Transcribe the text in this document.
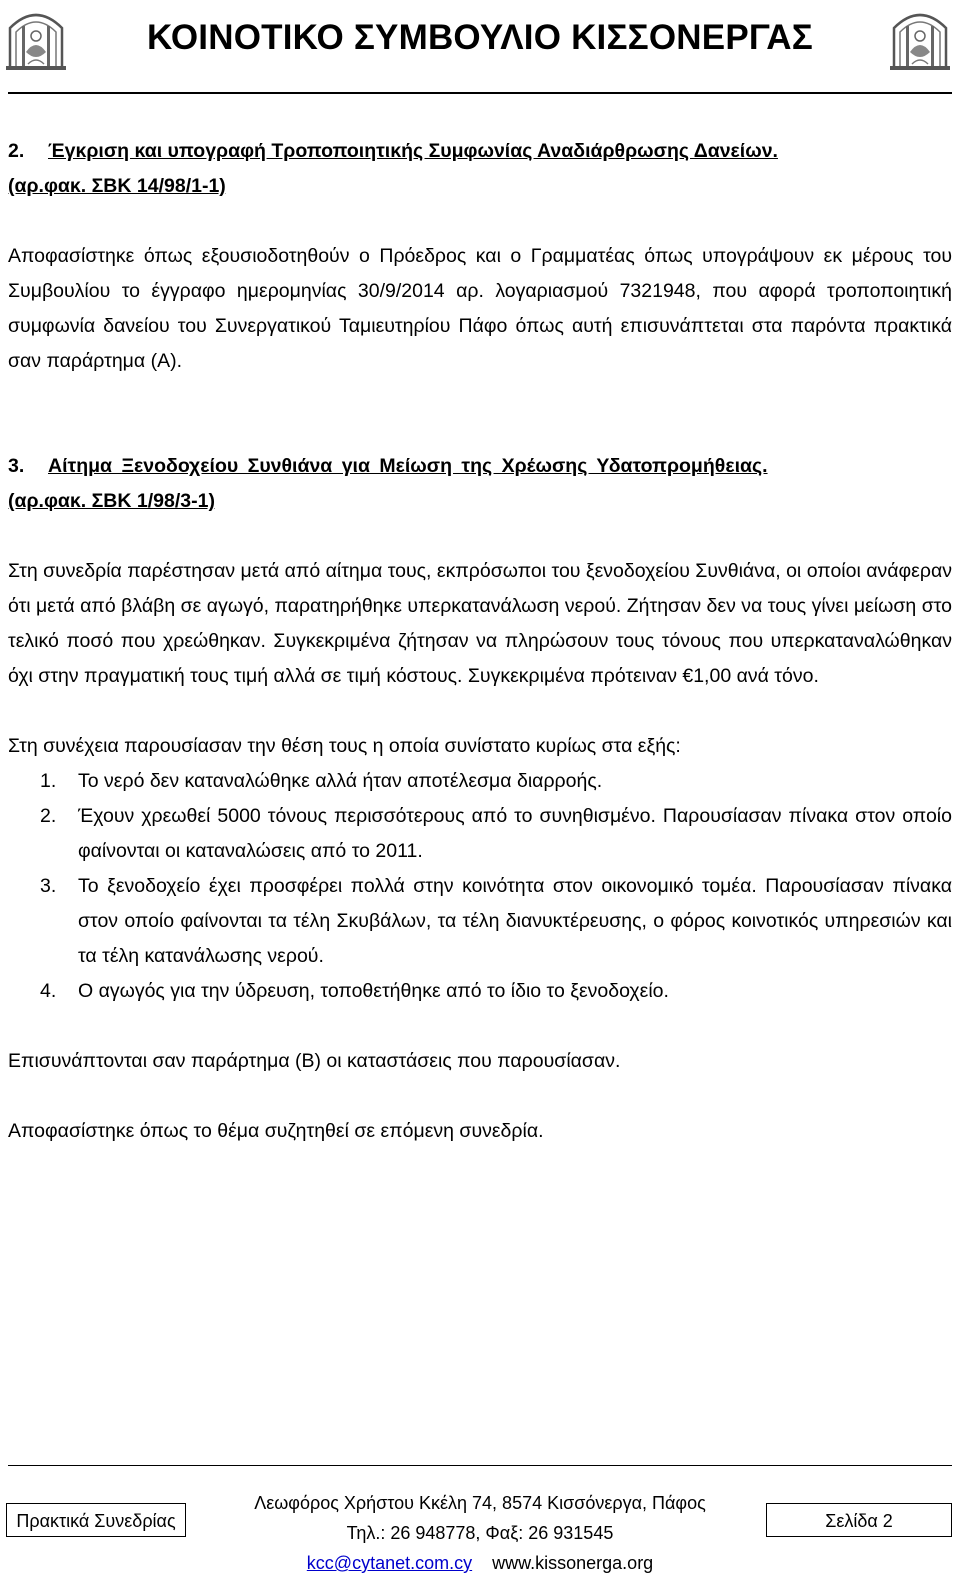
ΚΟΙΝΟΤΙΚΟ ΣΥΜΒΟΥΛΙΟ ΚΙΣΣΟΝΕΡΓΑΣ
2. Έγκριση και υπογραφή Τροποποιητικής Συμφωνίας Αναδιάρθρωσης Δανείων.
(αρ.φακ. ΣΒΚ 14/98/1-1)

Αποφασίστηκε όπως εξουσιοδοτηθούν ο Πρόεδρος και ο Γραμματέας όπως υπογράψουν εκ μέρους του Συμβουλίου το έγγραφο ημερομηνίας 30/9/2014 αρ. λογαριασμού 7321948, που αφορά τροποποιητική συμφωνία δανείου του Συνεργατικού Ταμιευτηρίου Πάφο όπως αυτή επισυνάπτεται στα παρόντα πρακτικά σαν παράρτημα (Α).

3. Αίτημα Ξενοδοχείου Συνθιάνα για Μείωση της Χρέωσης Υδατοπρομήθειας.
(αρ.φακ. ΣΒΚ 1/98/3-1)

Στη συνεδρία παρέστησαν μετά από αίτημα τους, εκπρόσωποι του ξενοδοχείου Συνθιάνα, οι οποίοι ανάφεραν ότι μετά από βλάβη σε αγωγό, παρατηρήθηκε υπερκατανάλωση νερού. Ζήτησαν δεν να τους γίνει μείωση στο τελικό ποσό που χρεώθηκαν. Συγκεκριμένα ζήτησαν να πληρώσουν τους τόνους που υπερκαταναλώθηκαν όχι στην πραγματική τους τιμή αλλά σε τιμή κόστους. Συγκεκριμένα πρότειναν €1,00 ανά τόνο.

Στη συνέχεια παρουσίασαν την θέση τους η οποία συνίστατο κυρίως στα εξής:

1. Το νερό δεν καταναλώθηκε αλλά ήταν αποτέλεσμα διαρροής.
2. Έχουν χρεωθεί 5000 τόνους περισσότερους από το συνηθισμένο. Παρουσίασαν πίνακα στον οποίο φαίνονται οι καταναλώσεις από το 2011.
3. Το ξενοδοχείο έχει προσφέρει πολλά στην κοινότητα στον οικονομικό τομέα. Παρουσίασαν πίνακα στον οποίο φαίνονται τα τέλη Σκυβάλων, τα τέλη διανυκτέρευσης, ο φόρος κοινοτικός υπηρεσιών και τα τέλη κατανάλωσης νερού.
4. Ο αγωγός για την ύδρευση, τοποθετήθηκε από το ίδιο το ξενοδοχείο.

Επισυνάπτονται σαν παράρτημα (Β) οι καταστάσεις που παρουσίασαν.

Αποφασίστηκε όπως το θέμα συζητηθεί σε επόμενη συνεδρία.

Πρακτικά Συνεδρίας
Λεωφόρος Χρήστου Κκέλη 74, 8574 Κισσόνεργα, Πάφος
Τηλ.: 26 948778, Φαξ: 26 931545
kcc@cytanet.com.cy www.kissonerga.org
Σελίδα 2
